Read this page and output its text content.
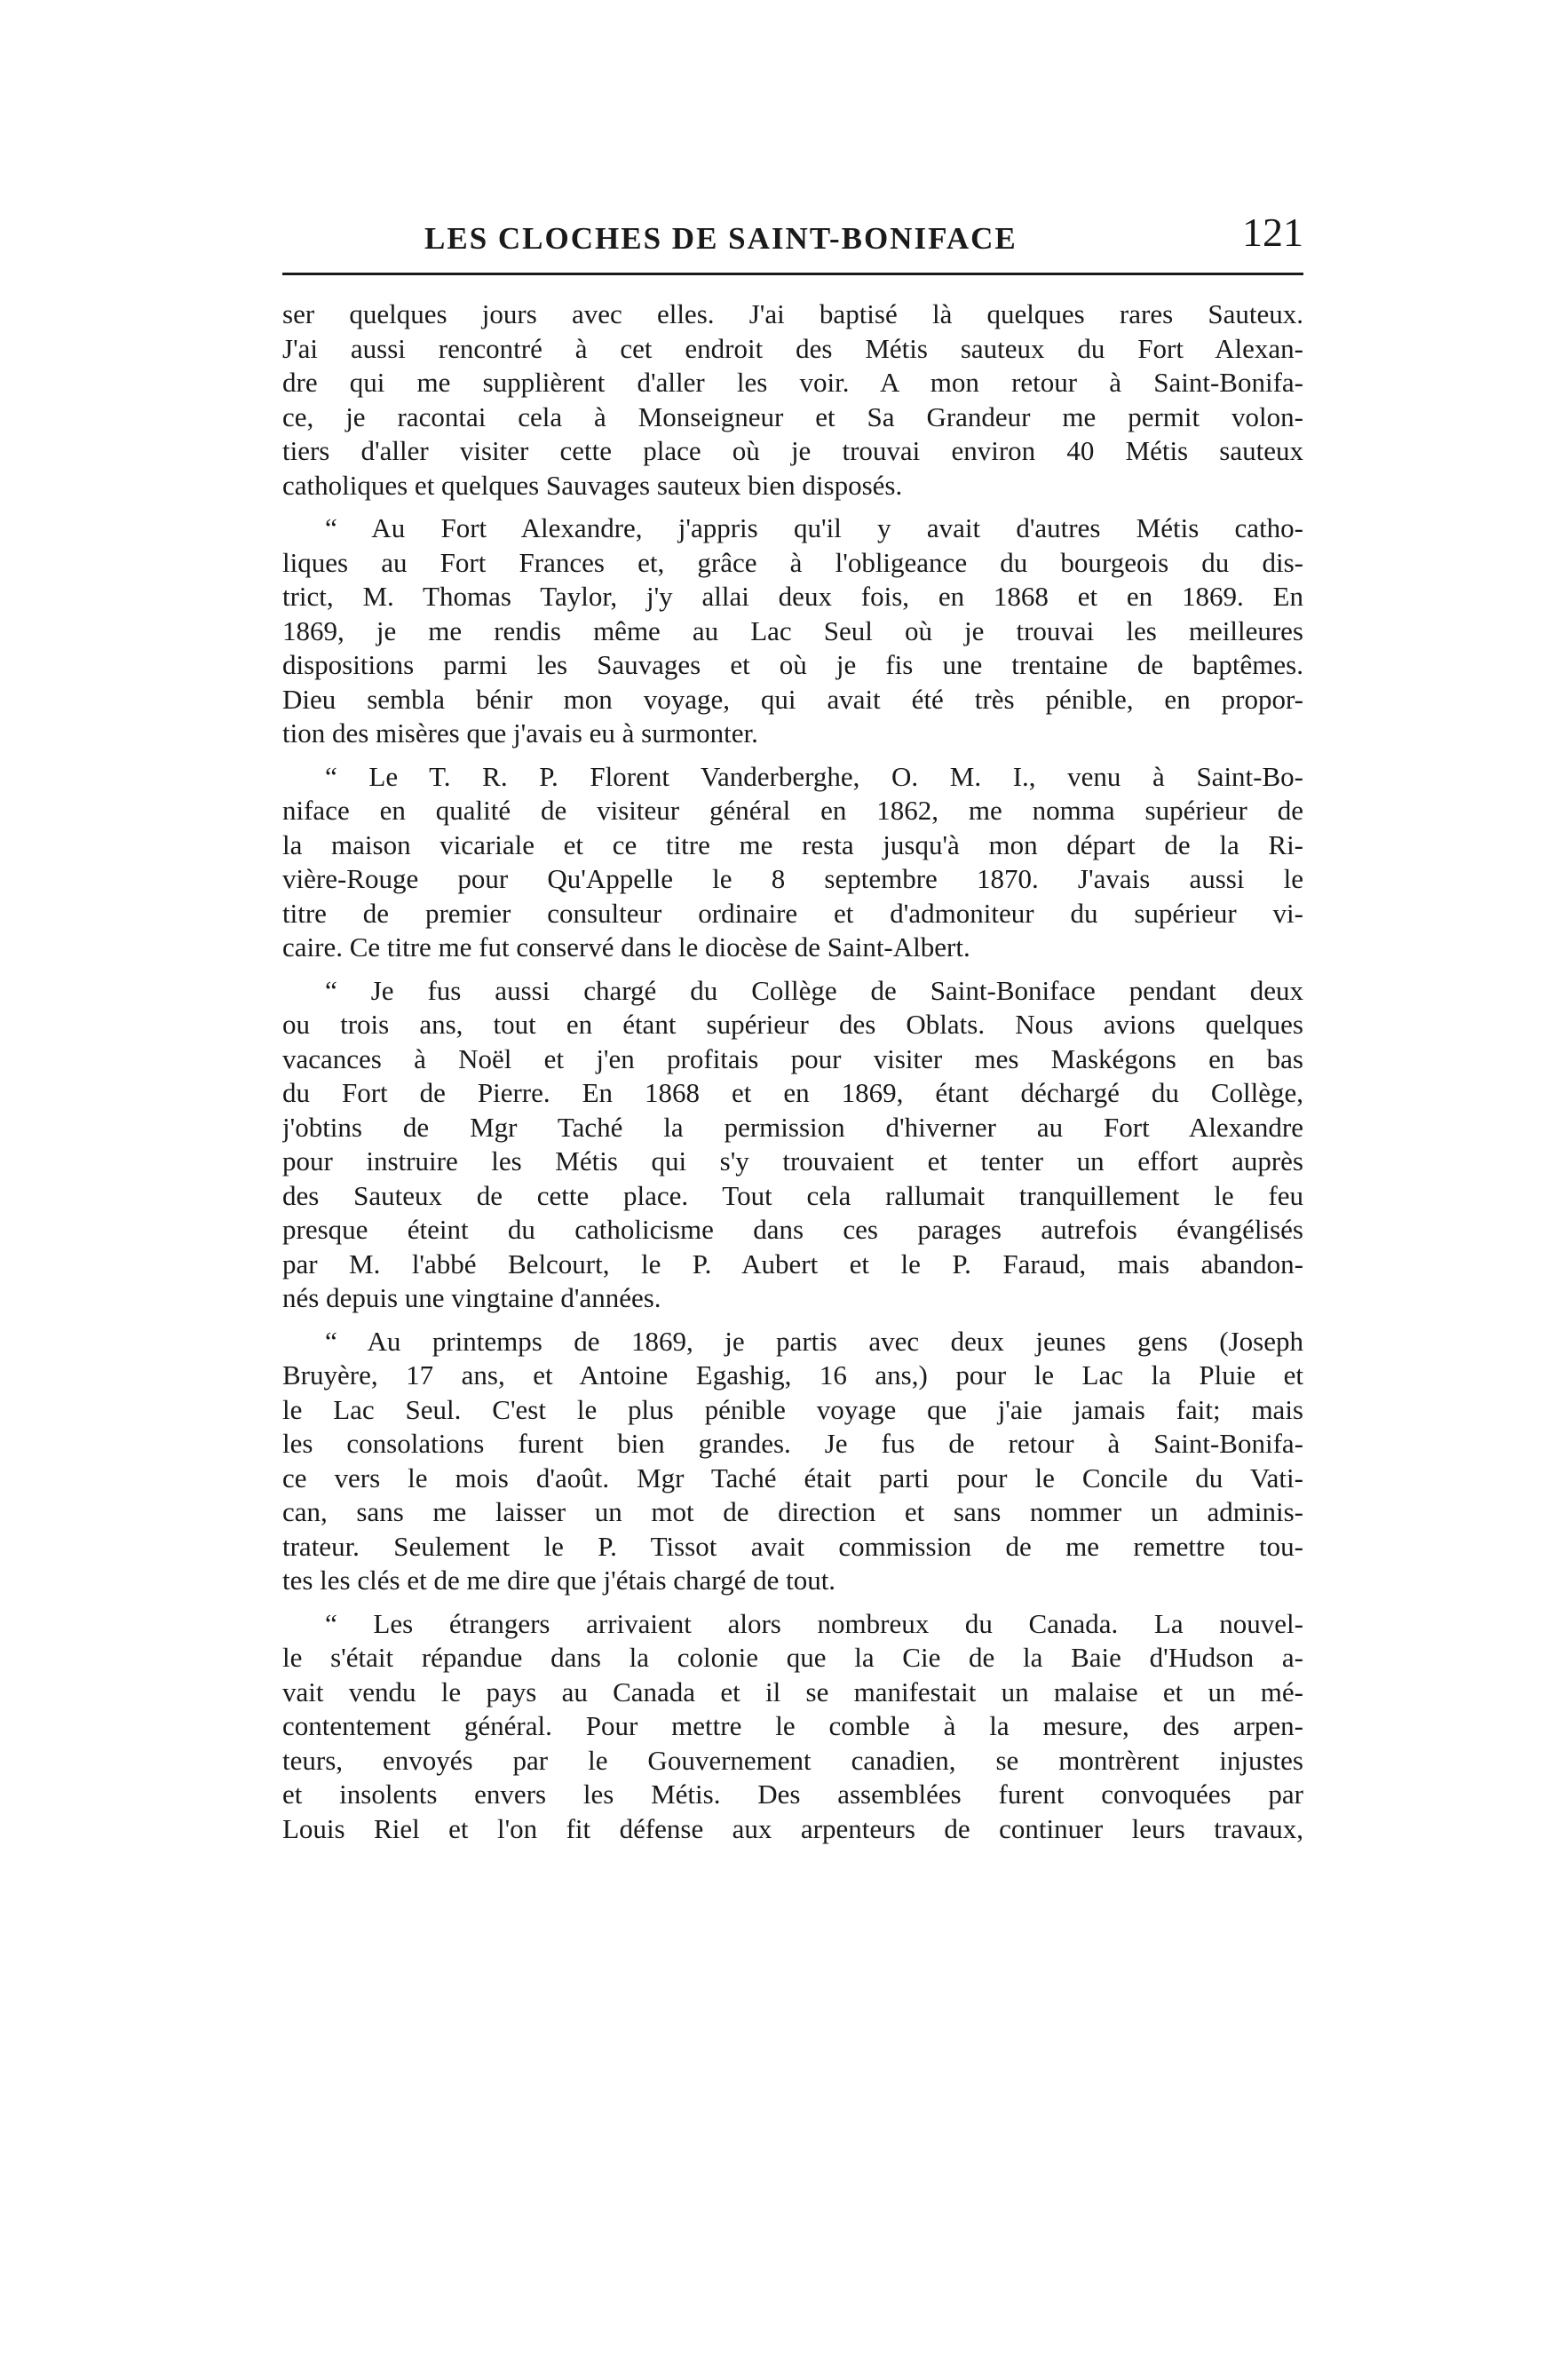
LES CLOCHES DE SAINT-BONIFACE	121
ser quelques jours avec elles. J'ai baptisé là quelques rares Sauteux.
J'ai aussi rencontré à cet endroit des Métis sauteux du Fort Alexan-
dre qui me supplièrent d'aller les voir. A mon retour à Saint-Bonifa-
ce, je racontai cela à Monseigneur et Sa Grandeur me permit volon-
tiers d'aller visiter cette place où je trouvai environ 40 Métis sauteux
catholiques et quelques Sauvages sauteux bien disposés.
“ Au Fort Alexandre, j'appris qu'il y avait d'autres Métis catho-
liques au Fort Frances et, grâce à l'obligeance du bourgeois du dis-
trict, M. Thomas Taylor, j'y allai deux fois, en 1868 et en 1869. En
1869, je me rendis même au Lac Seul où je trouvai les meilleures
dispositions parmi les Sauvages et où je fis une trentaine de baptêmes.
Dieu sembla bénir mon voyage, qui avait été très pénible, en propor-
tion des misères que j'avais eu à surmonter.
“ Le T. R. P. Florent Vanderberghe, O. M. I., venu à Saint-Bo-
niface en qualité de visiteur général en 1862, me nomma supérieur de
la maison vicariale et ce titre me resta jusqu'à mon départ de la Ri-
vière-Rouge pour Qu'Appelle le 8 septembre 1870. J'avais aussi le
titre de premier consulteur ordinaire et d'admoniteur du supérieur vi-
caire. Ce titre me fut conservé dans le diocèse de Saint-Albert.
“ Je fus aussi chargé du Collège de Saint-Boniface pendant deux
ou trois ans, tout en étant supérieur des Oblats. Nous avions quelques
vacances à Noël et j'en profitais pour visiter mes Maskégons en bas
du Fort de Pierre. En 1868 et en 1869, étant déchargé du Collège,
j'obtins de Mgr Taché la permission d'hiverner au Fort Alexandre
pour instruire les Métis qui s'y trouvaient et tenter un effort auprès
des Sauteux de cette place. Tout cela rallumait tranquillement le feu
presque éteint du catholicisme dans ces parages autrefois évangélisés
par M. l'abbé Belcourt, le P. Aubert et le P. Faraud, mais abandon-
nés depuis une vingtaine d'années.
“ Au printemps de 1869, je partis avec deux jeunes gens (Joseph
Bruyère, 17 ans, et Antoine Egashig, 16 ans,) pour le Lac la Pluie et
le Lac Seul. C'est le plus pénible voyage que j'aie jamais fait; mais
les consolations furent bien grandes. Je fus de retour à Saint-Bonifa-
ce vers le mois d'août. Mgr Taché était parti pour le Concile du Vati-
can, sans me laisser un mot de direction et sans nommer un adminis-
trateur. Seulement le P. Tissot avait commission de me remettre tou-
tes les clés et de me dire que j'étais chargé de tout.
“ Les étrangers arrivaient alors nombreux du Canada. La nouvel-
le s'était répandue dans la colonie que la Cie de la Baie d'Hudson a-
vait vendu le pays au Canada et il se manifestait un malaise et un mé-
contentement général. Pour mettre le comble à la mesure, des arpen-
teurs, envoyés par le Gouvernement canadien, se montrèrent injustes
et insolents envers les Métis. Des assemblées furent convoquées par
Louis Riel et l'on fit défense aux arpenteurs de continuer leurs travaux,
